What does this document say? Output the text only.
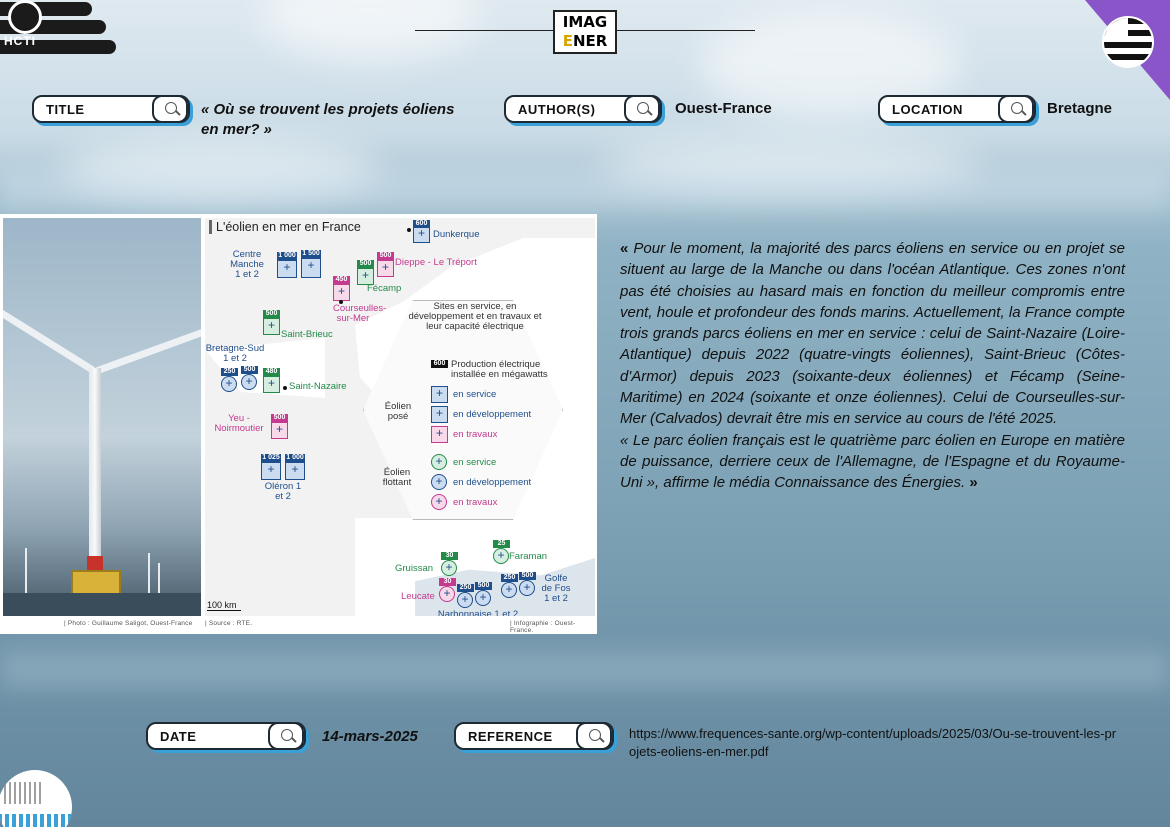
HCTI
IMAG
ENER
TITLE	« Où se trouvent les projets éoliens en mer? »
AUTHOR(S)	Ouest-France	LOCATION	Bretagne
L'éolien en mer en France
+	600
Dunkerque
Centre Manche 1 et 2
1 000
+ 1 500
+	500
+
Dieppe - Le Tréport
500
+
Fécamp
450
+
Courseulles-sur-Mer
500
+
Saint-Brieuc
Bretagne-Sud 1 et 2
250
+	500
+	480
+
Saint-Nazaire
Yeu - Noirmoutier
500
+
1 025
+ 1 000
+
Oléron 1 et 2
Sites en service, en développement et en travaux et leur capacité électrique
600 Production électrique installée en mégawatts
Éolien posé
+
en service
+
en développement
+
en travaux
Éolien flottant
+
en service
+
en développement
+
en travaux
30
+
Gruissan
30
+
Leucate
250
+ 500
+
Narbonnaise 1 et 2
25
+
Faraman
250
+ 500
+	Golfe de Fos 1 et 2
100 km
| Photo : Guillaume Saligot, Ouest-France | Source : RTE.	| Infographie : Ouest-France.
« Pour le moment, la majorité des parcs éoliens en service ou en projet se situent au large de la Manche ou dans l'océan Atlantique. Ces zones n'ont pas été choisies au hasard mais en fonction du meilleur compromis entre vent, houle et profondeur des fonds marins. Actuellement, la France compte trois grands parcs éoliens en mer en service : celui de Saint-Nazaire (Loire-Atlantique) depuis 2022 (quatre-vingts éoliennes), Saint-Brieuc (Côtes-d'Armor) depuis 2023 (soixante-deux éoliennes) et Fécamp (Seine-Maritime) en 2024 (soixante et onze éoliennes). Celui de Courseulles-sur-Mer (Calvados) devrait être mis en service au cours de l'été 2025.
« Le parc éolien français est le quatrième parc éolien en Europe en matière de puissance, derriere ceux de l'Allemagne, de l'Espagne et du Royaume-Uni », affirme le média Connaissance des Énergies. »
DATE	14-mars-2025	REFERENCE	https://www.frequences-sante.org/wp-content/uploads/2025/03/Ou-se-trouvent-les-projets-eoliens-en-mer.pdf
